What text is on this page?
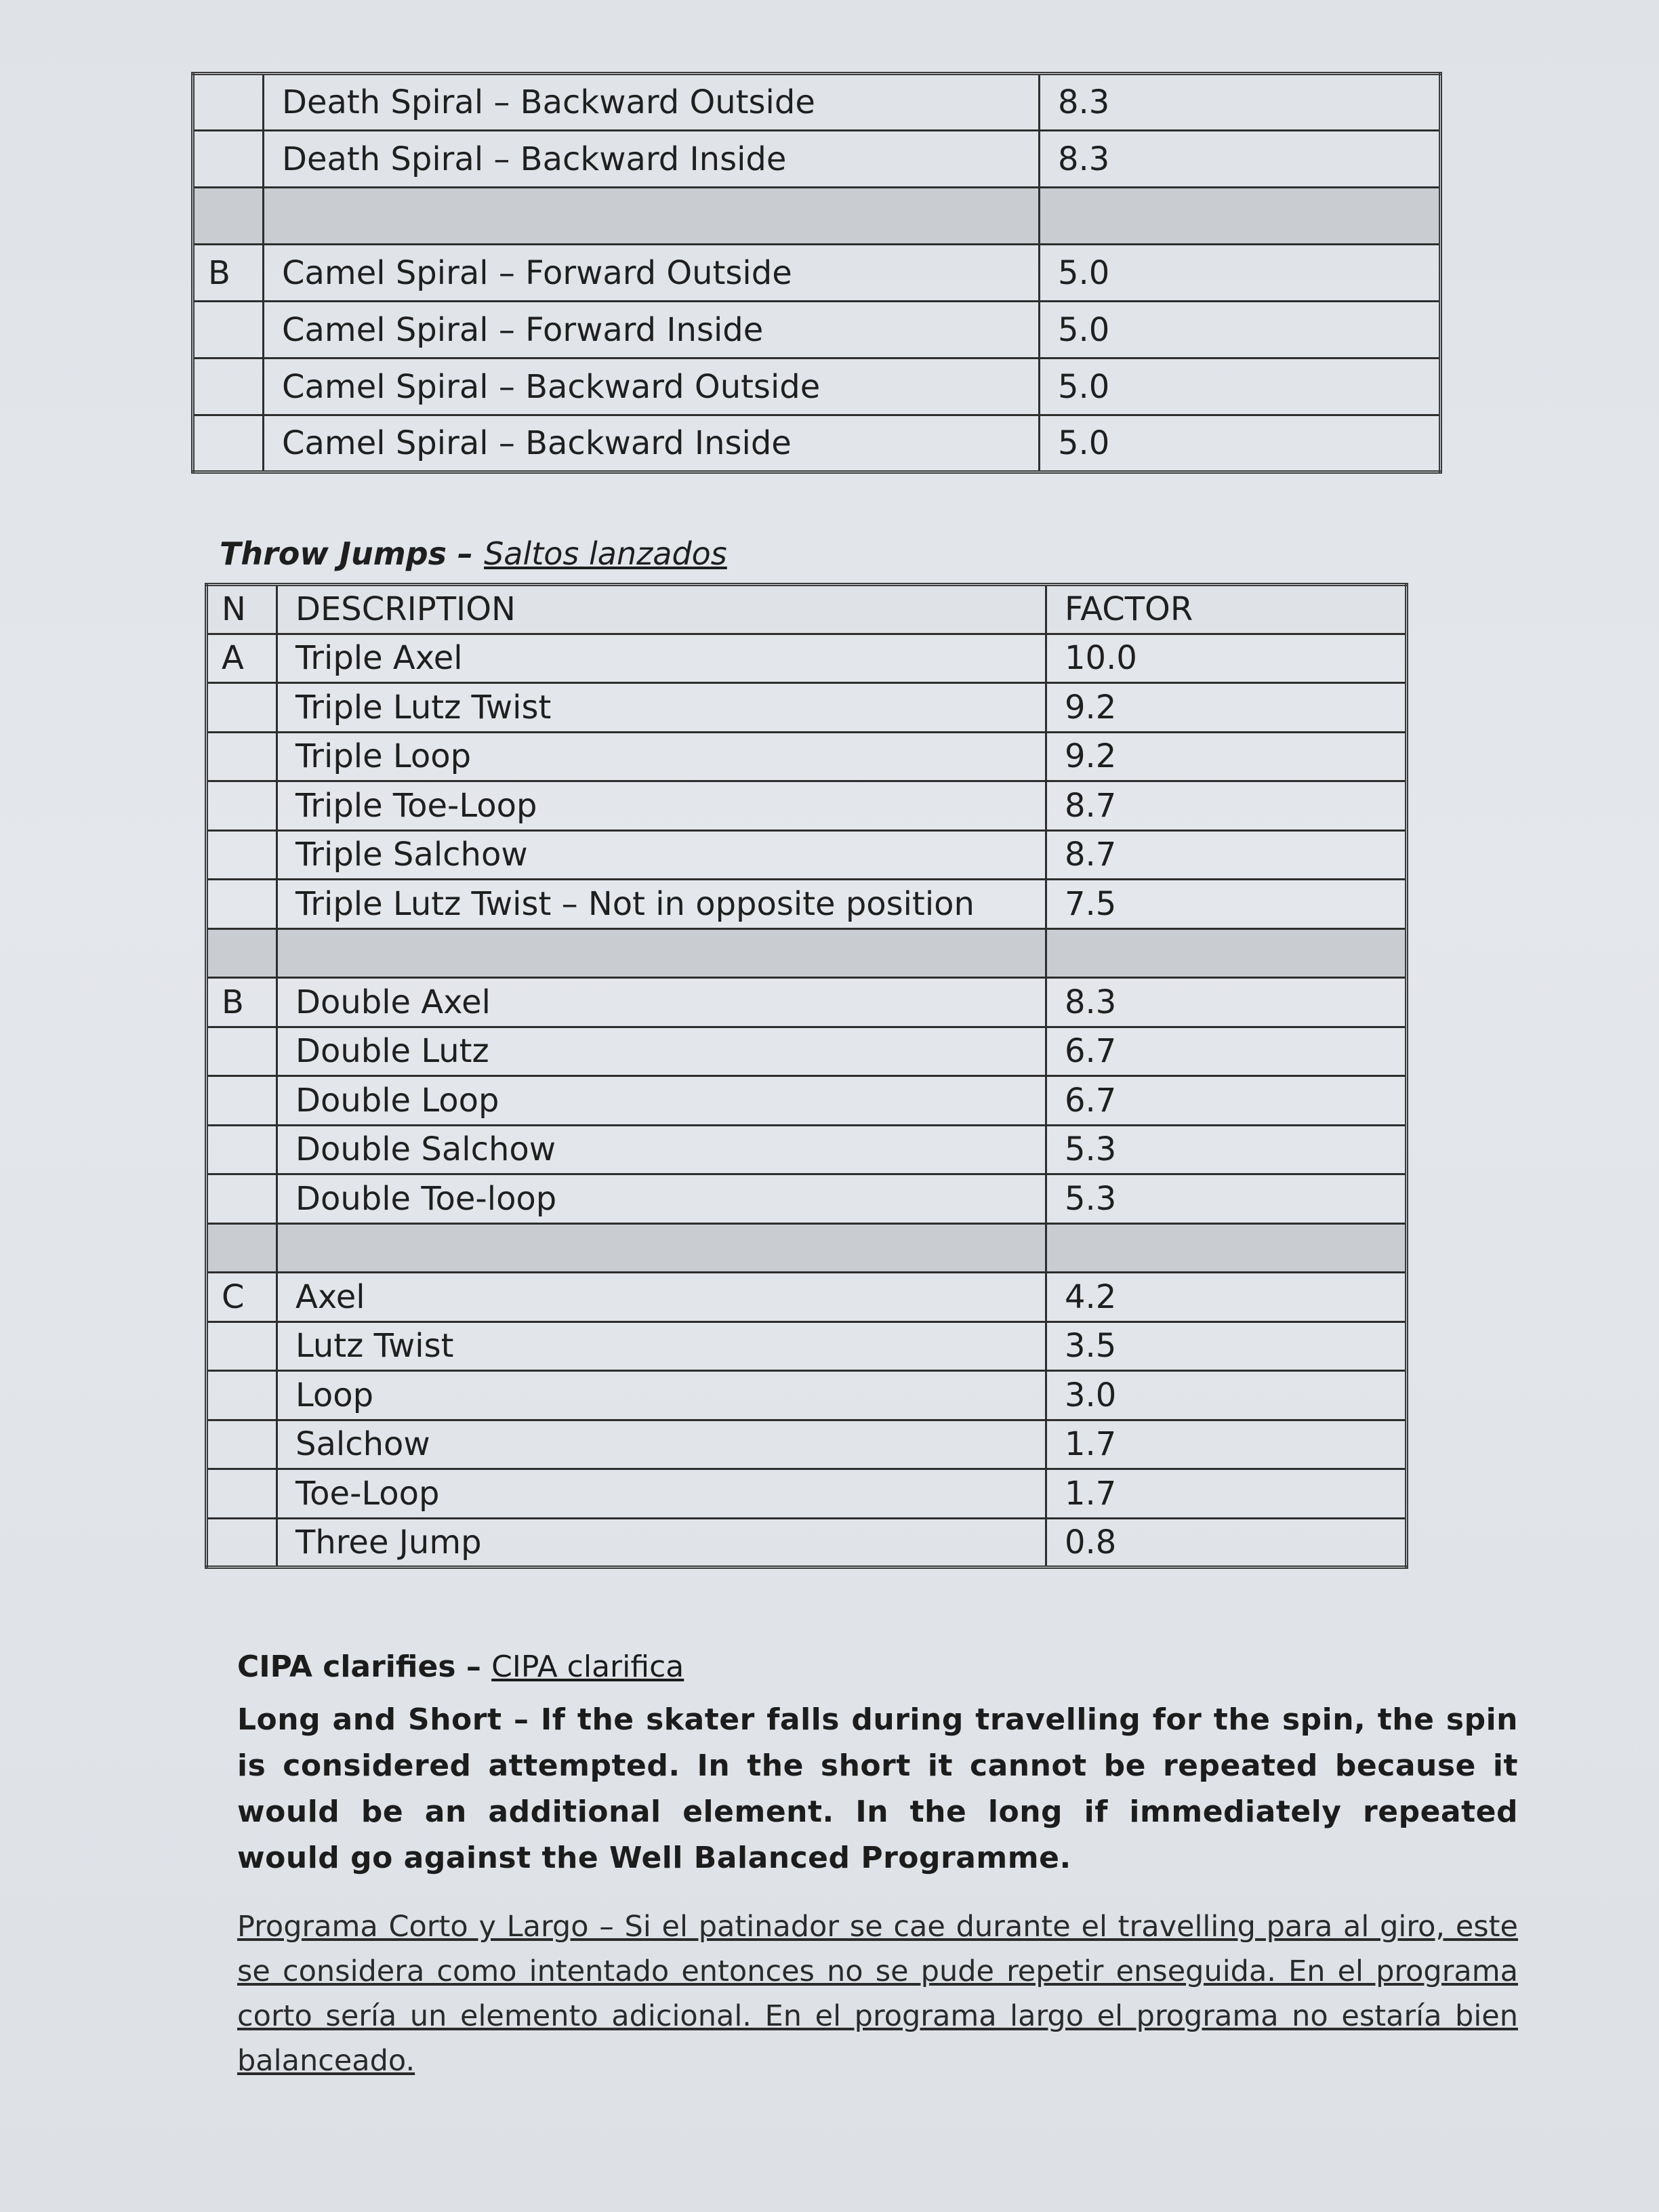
	Death Spiral – Backward Outside	8.3
	Death Spiral – Backward Inside	8.3

B	Camel Spiral – Forward Outside	5.0
	Camel Spiral – Forward Inside	5.0
	Camel Spiral – Backward Outside	5.0
	Camel Spiral – Backward Inside	5.0
Throw Jumps – Saltos lanzados
N	DESCRIPTION	FACTOR
A	Triple Axel	10.0
	Triple Lutz Twist	9.2
	Triple Loop	9.2
	Triple Toe-Loop	8.7
	Triple Salchow	8.7
	Triple Lutz Twist – Not in opposite position	7.5

B	Double Axel	8.3
	Double Lutz	6.7
	Double Loop	6.7
	Double Salchow	5.3
	Double Toe-loop	5.3

C	Axel	4.2
	Lutz Twist	3.5
	Loop	3.0
	Salchow	1.7
	Toe-Loop	1.7
	Three Jump	0.8
CIPA clarifies – CIPA clarifica
Long and Short – If the skater falls during travelling for the spin, the spin is considered attempted. In the short it cannot be repeated because it would be an additional element. In the long if immediately repeated would go against the Well Balanced Programme.
Programa Corto y Largo – Si el patinador se cae durante el travelling para al giro, este se considera como intentado entonces no se pude repetir enseguida. En el programa corto sería un elemento adicional. En el programa largo el programa no estaría bien balanceado.
